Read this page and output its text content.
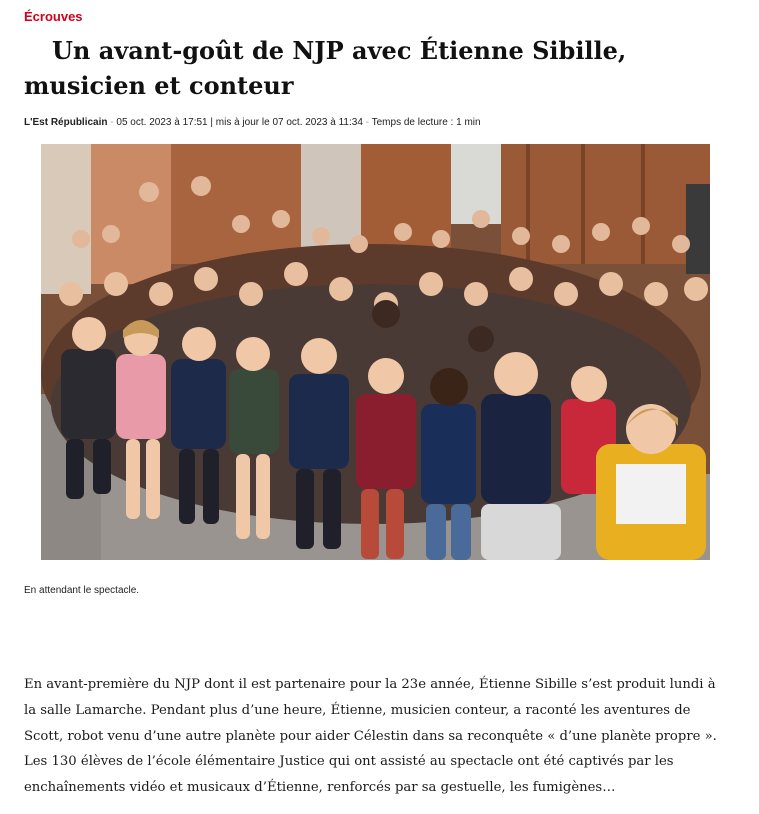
Écrouves
Un avant-goût de NJP avec Étienne Sibille, musicien et conteur
L'Est Républicain - 05 oct. 2023 à 17:51 | mis à jour le 07 oct. 2023 à 11:34 - Temps de lecture : 1 min
En attendant le spectacle.

En avant-première du NJP dont il est partenaire pour la 23e année, Étienne Sibille s’est produit lundi à la salle Lamarche. Pendant plus d’une heure, Étienne, musicien conteur, a raconté les aventures de Scott, robot venu d’une autre planète pour aider Célestin dans sa reconquête « d’une planète propre ». Les 130 élèves de l’école élémentaire Justice qui ont assisté au spectacle ont été captivés par les enchaînements vidéo et musicaux d’Étienne, renforcés par sa gestuelle, les fumigènes…
